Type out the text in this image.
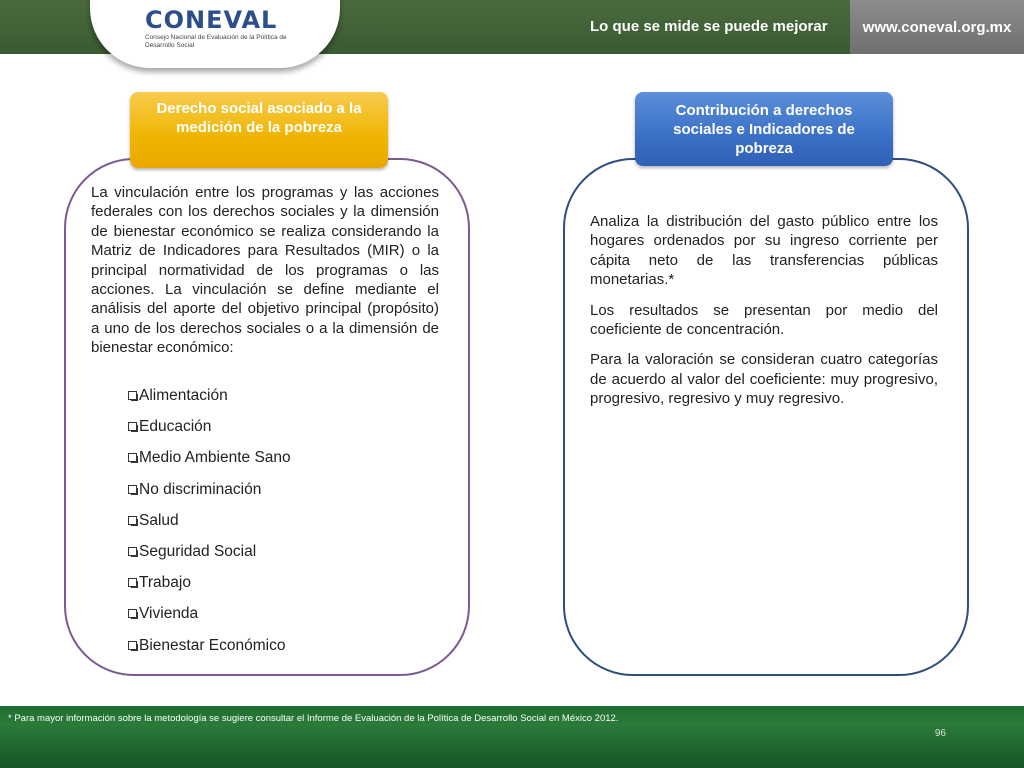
Lo que se mide se puede mejorar	www.coneval.org.mx
CONEVAL
Consejo Nacional de Evaluación de la Política de Desarrollo Social
Derecho social asociado a la medición de la pobreza
La vinculación entre los programas y las acciones federales con los derechos sociales y la dimensión de bienestar económico se realiza considerando la Matriz de Indicadores para Resultados (MIR) o la principal normatividad de los programas o las acciones. La vinculación se define mediante el análisis del aporte del objetivo principal (propósito) a uno de los derechos sociales o a la dimensión de bienestar económico:
Alimentación
Educación
Medio Ambiente Sano
No discriminación
Salud
Seguridad Social
Trabajo
Vivienda
Bienestar Económico
Contribución a derechos sociales e Indicadores de pobreza

Analiza la distribución del gasto público entre los hogares ordenados por su ingreso corriente per cápita neto de las transferencias públicas monetarias.*

Los resultados se presentan por medio del coeficiente de concentración.

Para la valoración se consideran cuatro categorías de acuerdo al valor del coeficiente: muy progresivo, progresivo, regresivo y muy regresivo.

* Para mayor información sobre la metodología se sugiere consultar el Informe de Evaluación de la Política de Desarrollo Social en México 2012.
96
